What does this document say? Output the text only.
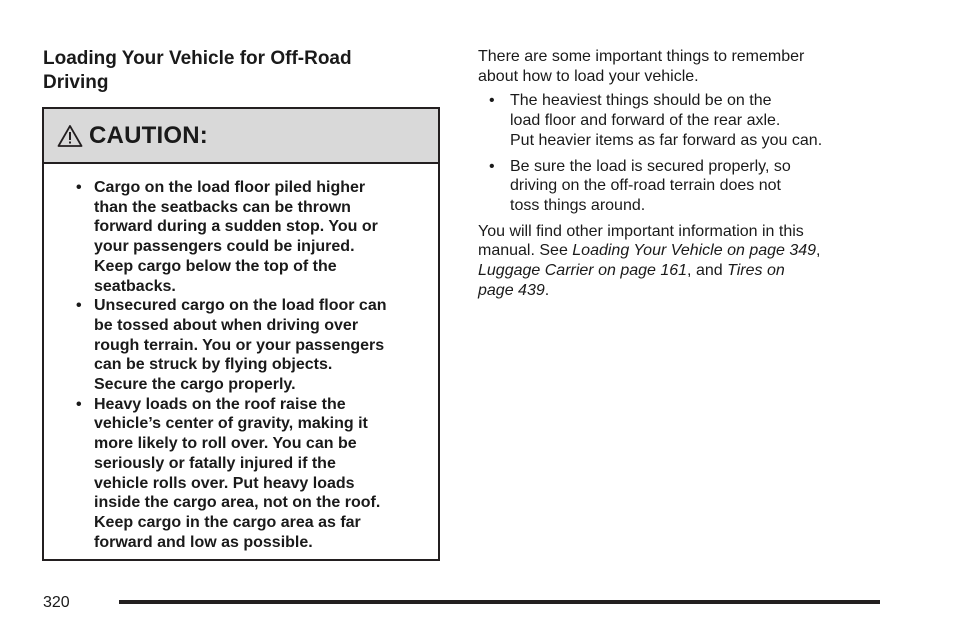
Loading Your Vehicle for Off-Road
Driving
CAUTION:
• Cargo on the load floor piled higher
than the seatbacks can be thrown
forward during a sudden stop. You or
your passengers could be injured.
Keep cargo below the top of the
seatbacks.
• Unsecured cargo on the load floor can
be tossed about when driving over
rough terrain. You or your passengers
can be struck by flying objects.
Secure the cargo properly.
• Heavy loads on the roof raise the
vehicle’s center of gravity, making it
more likely to roll over. You can be
seriously or fatally injured if the
vehicle rolls over. Put heavy loads
inside the cargo area, not on the roof.
Keep cargo in the cargo area as far
forward and low as possible.

There are some important things to remember
about how to load your vehicle.

• The heaviest things should be on the
load floor and forward of the rear axle.
Put heavier items as far forward as you can.
• Be sure the load is secured properly, so
driving on the off-road terrain does not
toss things around.

You will find other important information in this
manual. See Loading Your Vehicle on page 349,
Luggage Carrier on page 161, and Tires on
page 439.

320
